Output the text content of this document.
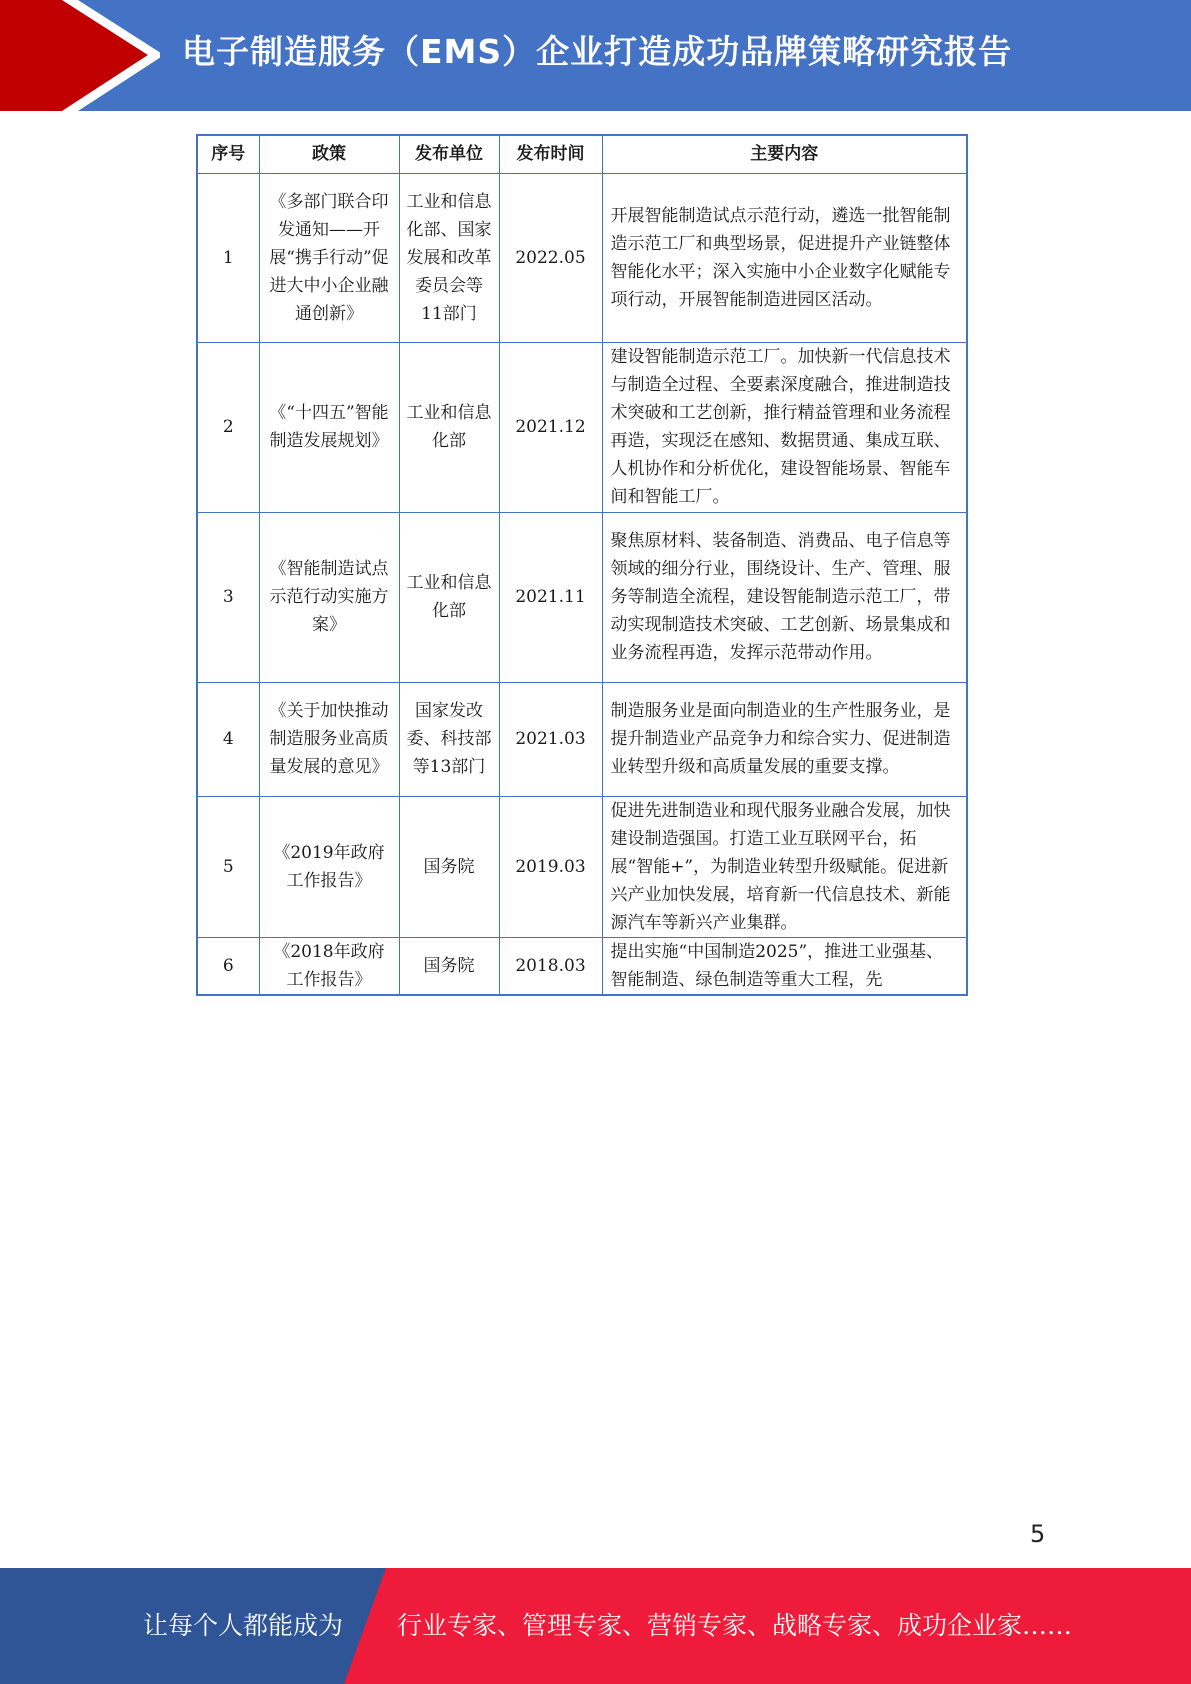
电子制造服务（EMS）企业打造成功品牌策略研究报告
序号	政策	发布单位	发布时间	主要内容
1	《多部门联合印发通知——开展“携手行动”促进大中小企业融通创新》	工业和信息化部、国家发展和改革委员会等11部门	2022.05	开展智能制造试点示范行动，遴选一批智能制造示范工厂和典型场景，促进提升产业链整体智能化水平；深入实施中小企业数字化赋能专项行动，开展智能制造进园区活动。
2	《“十四五”智能制造发展规划》	工业和信息化部	2021.12	建设智能制造示范工厂。加快新一代信息技术与制造全过程、全要素深度融合，推进制造技术突破和工艺创新，推行精益管理和业务流程再造，实现泛在感知、数据贯通、集成互联、人机协作和分析优化，建设智能场景、智能车间和智能工厂。
3	《智能制造试点示范行动实施方案》	工业和信息化部	2021.11	聚焦原材料、装备制造、消费品、电子信息等领域的细分行业，围绕设计、生产、管理、服务等制造全流程，建设智能制造示范工厂，带动实现制造技术突破、工艺创新、场景集成和业务流程再造，发挥示范带动作用。
4	《关于加快推动制造服务业高质量发展的意见》	国家发改委、科技部等13部门	2021.03	制造服务业是面向制造业的生产性服务业，是提升制造业产品竞争力和综合实力、促进制造业转型升级和高质量发展的重要支撑。
5	《2019年政府工作报告》	国务院	2019.03	促进先进制造业和现代服务业融合发展，加快建设制造强国。打造工业互联网平台，拓展“智能+”，为制造业转型升级赋能。促进新兴产业加快发展，培育新一代信息技术、新能源汽车等新兴产业集群。
6	《2018年政府工作报告》	国务院	2018.03	提出实施“中国制造2025”，推进工业强基、智能制造、绿色制造等重大工程，先
5
让每个人都能成为 行业专家、管理专家、营销专家、战略专家、成功企业家……
